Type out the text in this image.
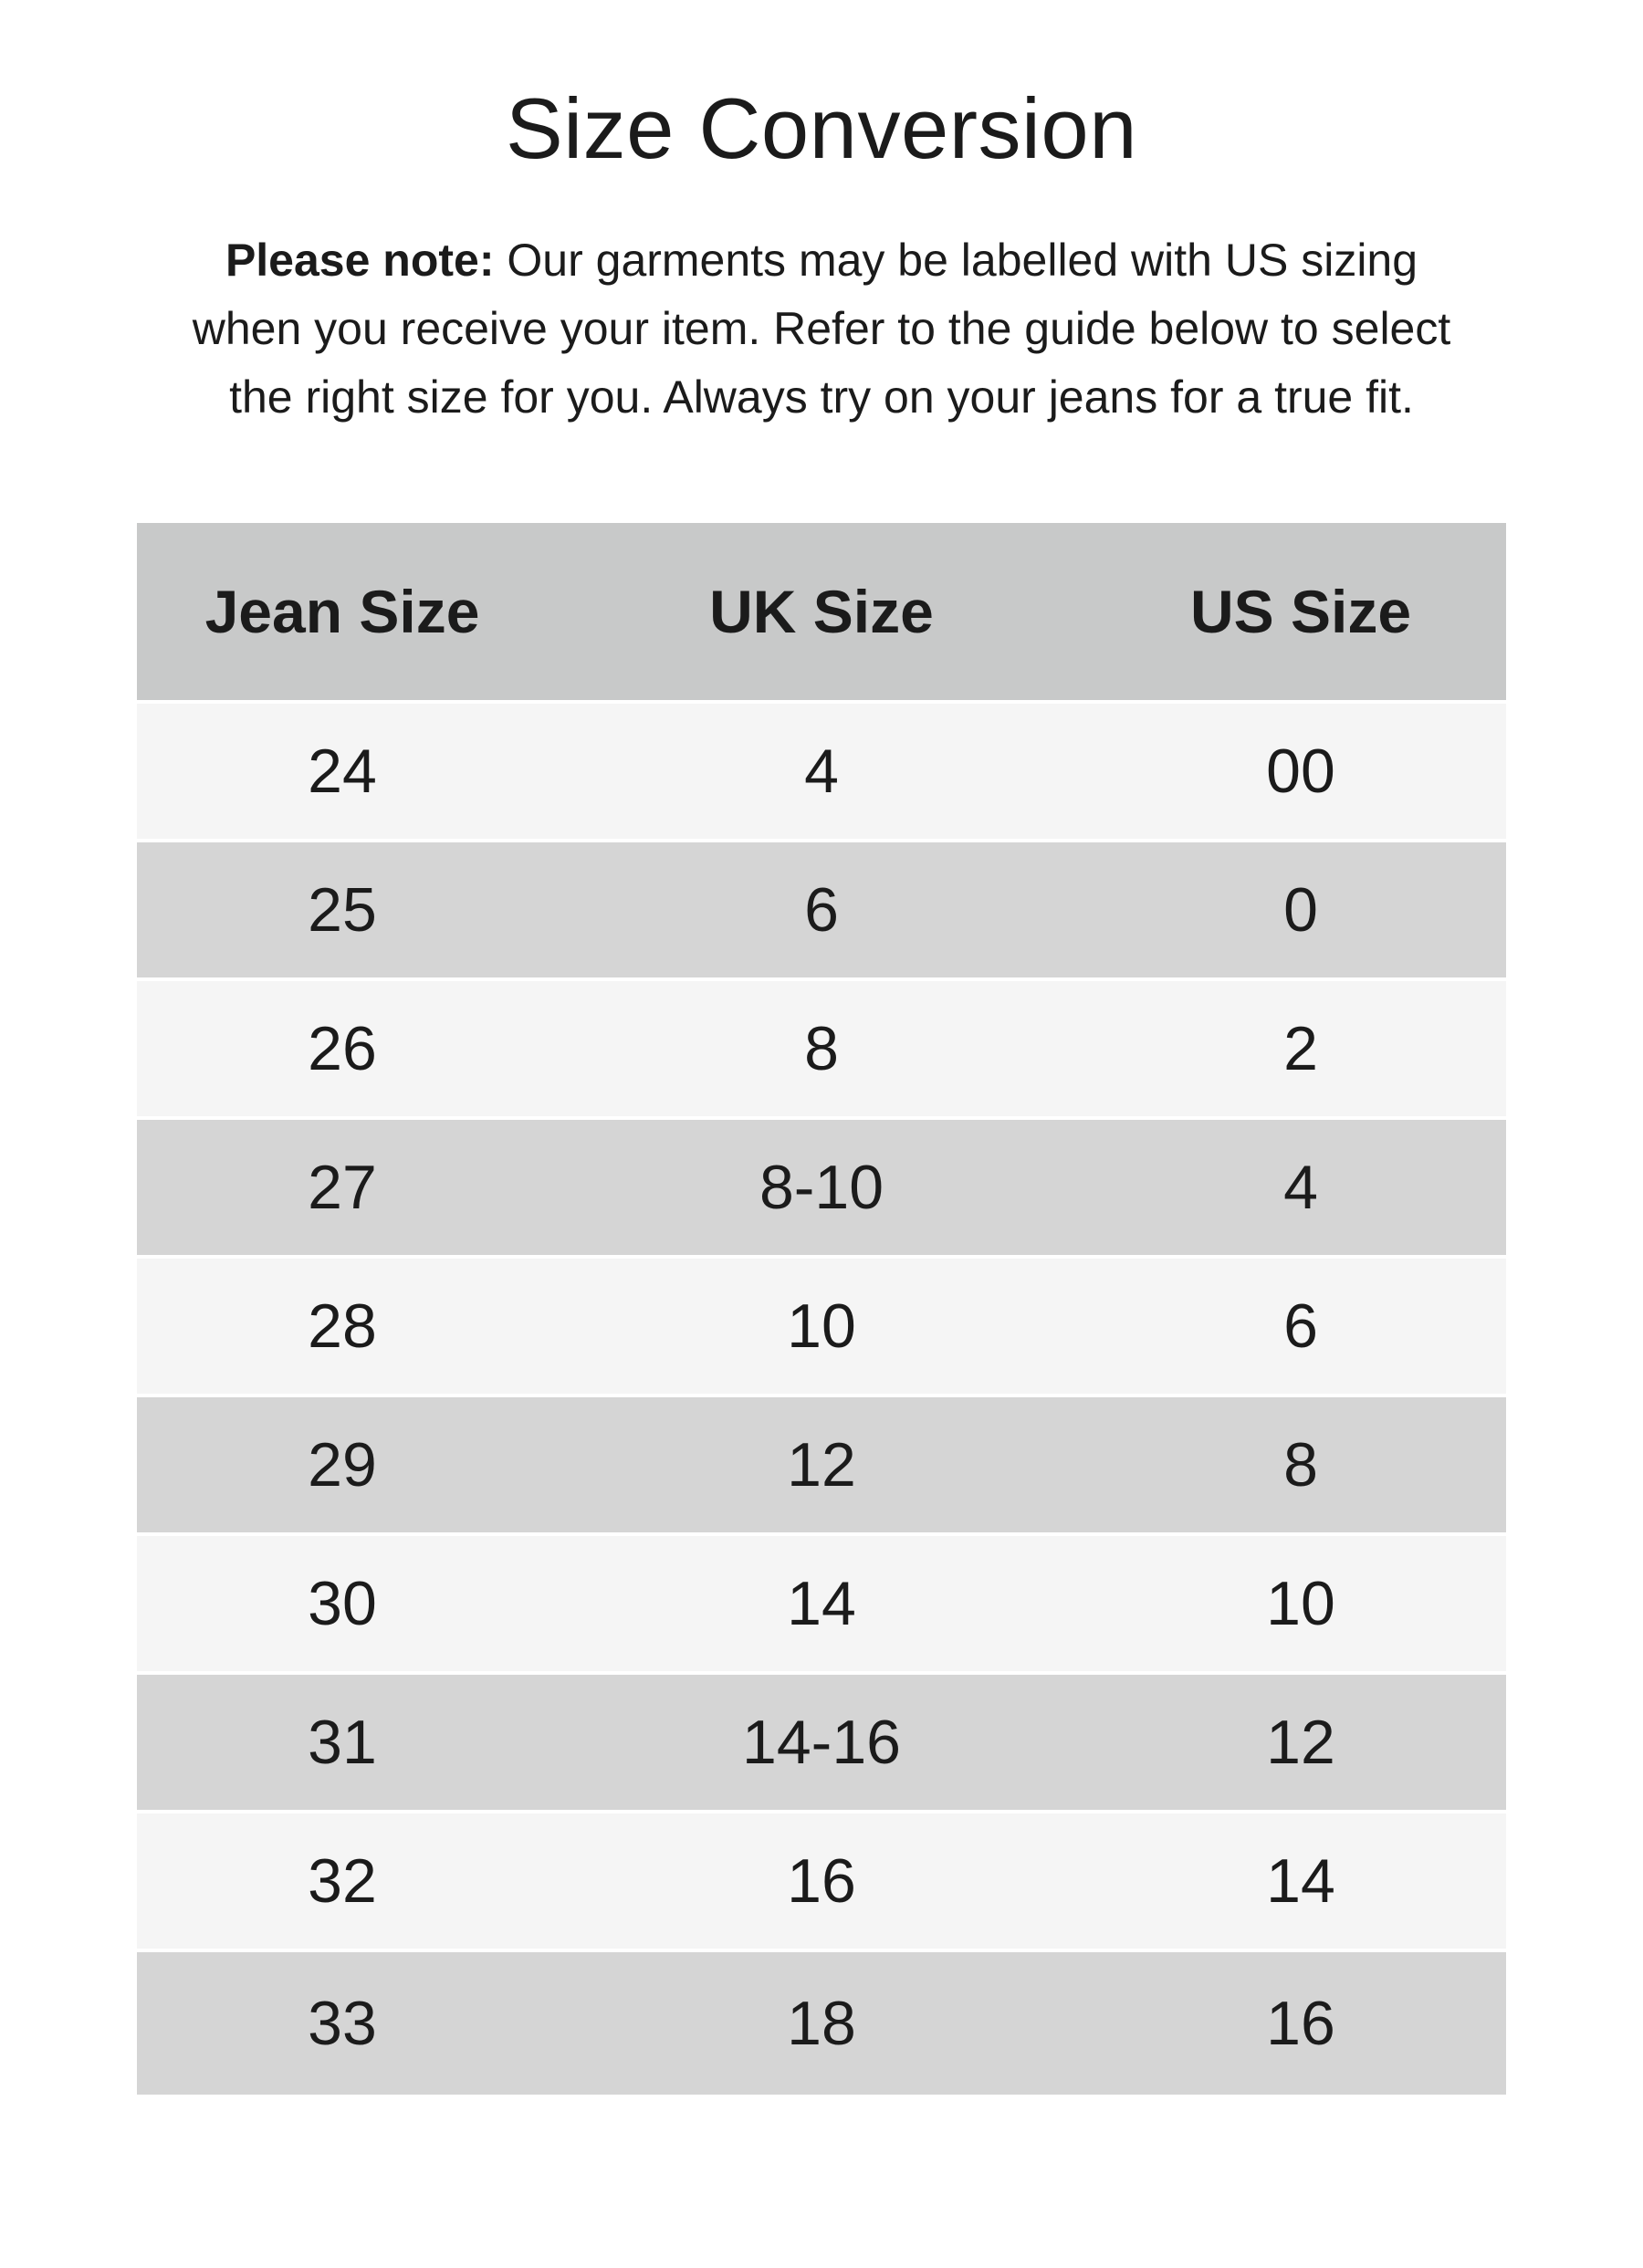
Size Conversion

Please note: Our garments may be labelled with US sizing
when you receive your item. Refer to the guide below to select
the right size for you. Always try on your jeans for a true fit.

Jean Size	UK Size	US Size
24	4	00
25	6	0
26	8	2
27	8-10	4
28	10	6
29	12	8
30	14	10
31	14-16	12
32	16	14
33	18	16
